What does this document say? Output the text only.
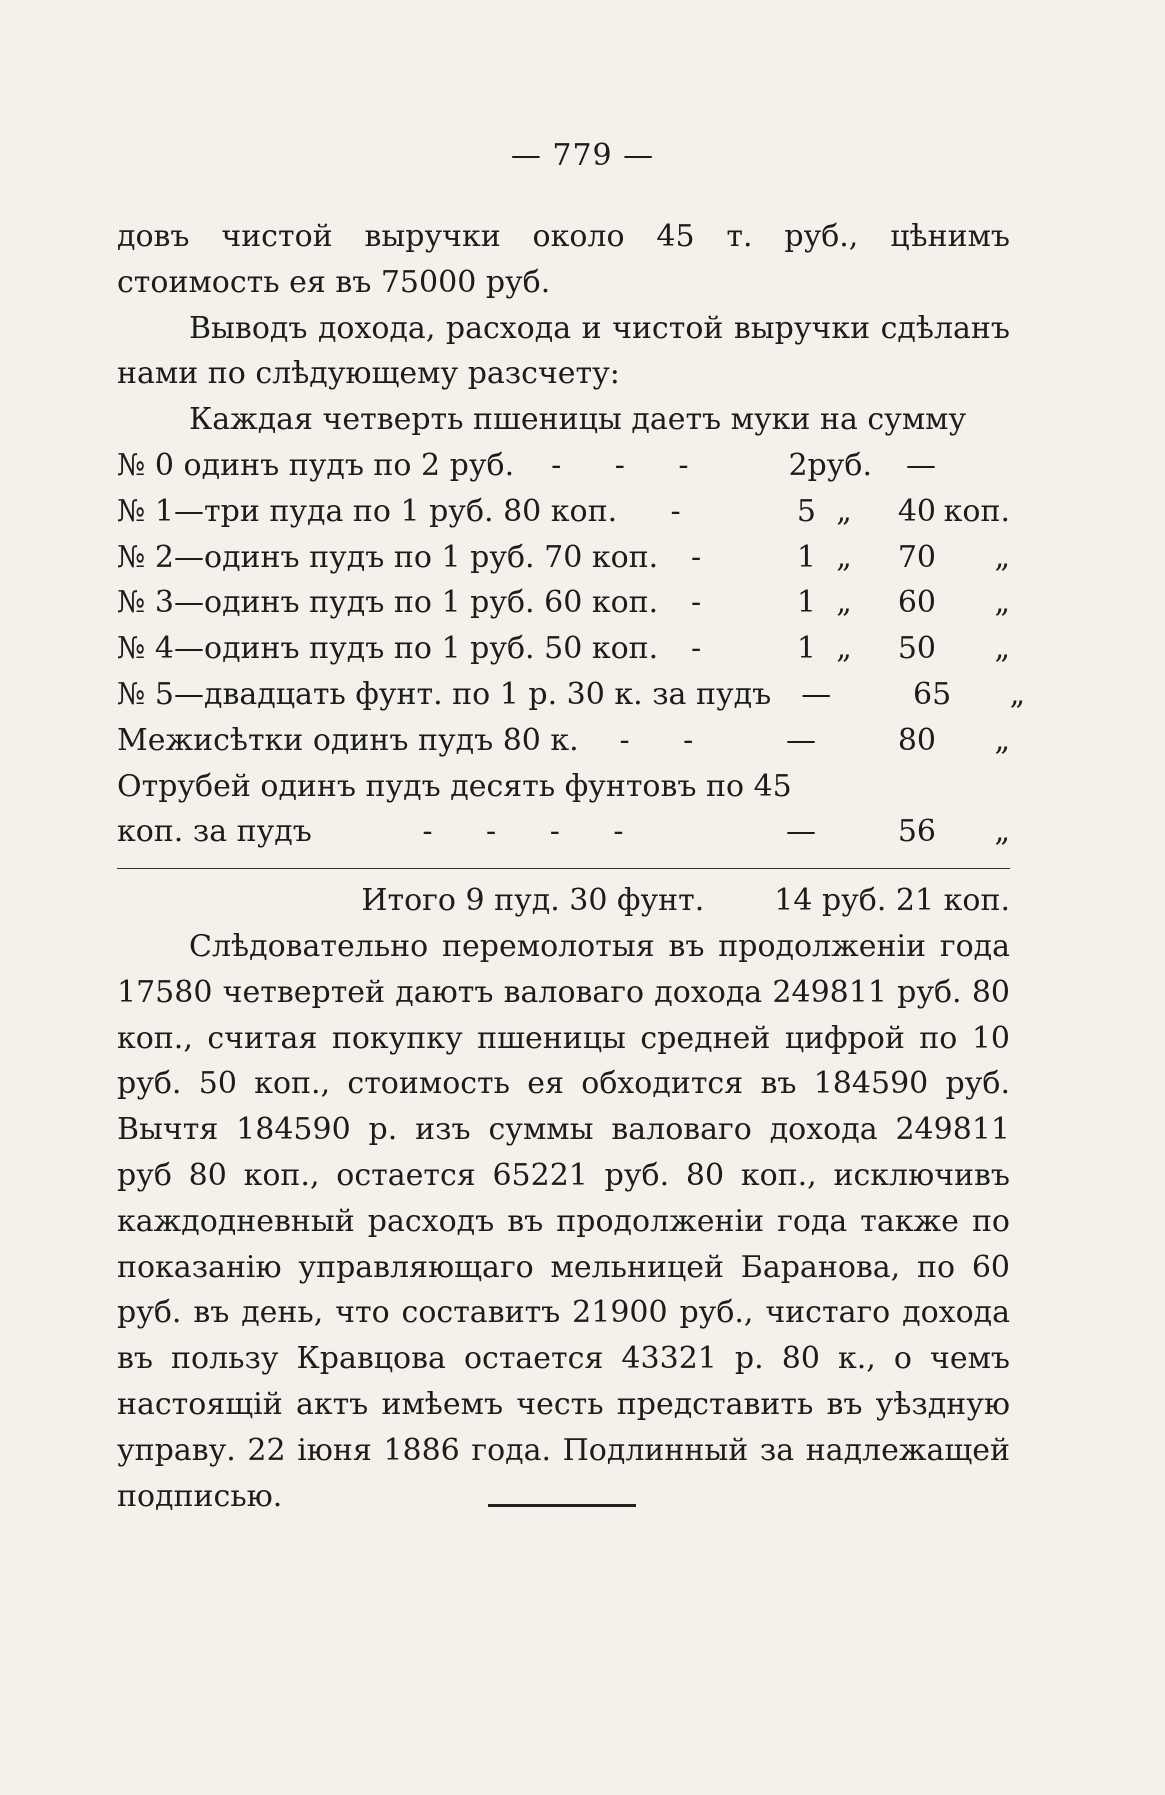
— 779 —

довъ чистой выручки около 45 т. руб., цѣнимъ стоимость ея въ 75000 руб.

Выводъ дохода, расхода и чистой выручки сдѣланъ нами по слѣдующему разсчету:

Каждая четверть пшеницы даетъ муки на сумму

№ 0 одинъ пудъ по 2 руб.	- - -	2 руб.	—
№ 1—три пуда по 1 руб. 80 коп.	-	5 „	40 коп.
№ 2—одинъ пудъ по 1 руб. 70 коп.	-	1 „	70	„
№ 3—одинъ пудъ по 1 руб. 60 коп.	-	1 „	60	„
№ 4—одинъ пудъ по 1 руб. 50 коп.	-	1 „	50	„
№ 5—двадцать фунт. по 1 р. 30 к. за пудъ	—	65	„
Межисѣтки одинъ пудъ 80 к.	- -	—	80	„
Отрубей одинъ пудъ десять фунтовъ по 45
коп. за пудъ	- - - -	—	56	„
Итого 9 пуд. 30 фунт. 14 руб. 21 коп.

Слѣдовательно перемолотыя въ продолженiи года 17580 четвертей даютъ валоваго дохода 249811 руб. 80 коп., считая покупку пшеницы средней цифрой по 10 руб. 50 коп., стоимость ея обходится въ 184590 руб. Вычтя 184590 р. изъ суммы валоваго дохода 249811 руб 80 коп., остается 65221 руб. 80 коп., исключивъ каждодневный расходъ въ продолженiи года также по показанiю управляющаго мельницей Баранова, по 60 руб. въ день, что составитъ 21900 руб., чистаго дохода въ пользу Кравцова остается 43321 р. 80 к., о чемъ настоящiй актъ имѣемъ честь представить въ уѣздную управу. 22 iюня 1886 года. Подлинный за надлежащей подписью.
